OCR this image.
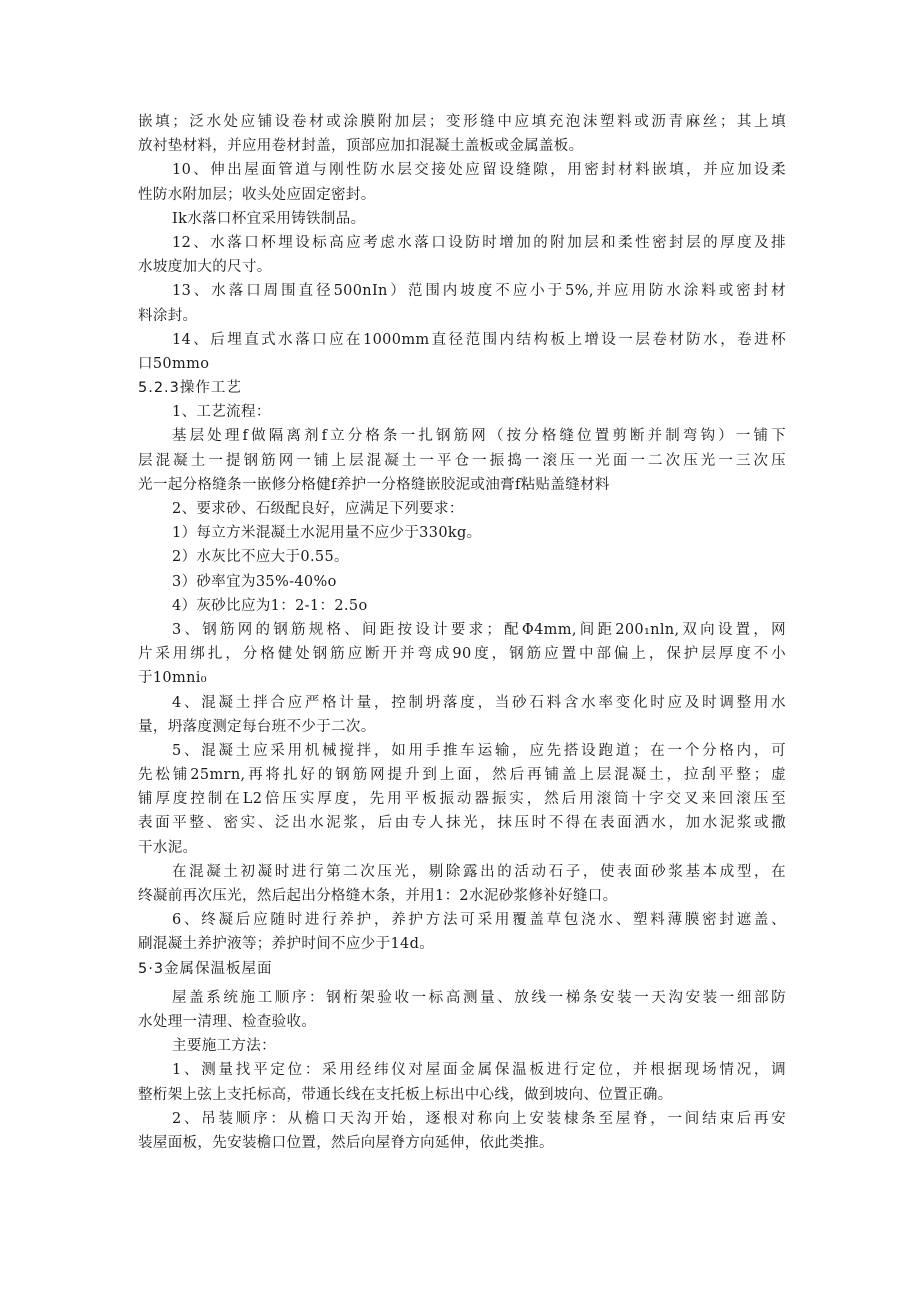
嵌填；泛水处应铺设卷材或涂膜附加层；变形缝中应填充泡沫塑料或沥青麻丝；其上填
放衬垫材料，并应用卷材封盖，顶部应加扣混凝土盖板或金属盖板。
10、伸出屋面管道与刚性防水层交接处应留设缝隙，用密封材料嵌填，并应加设柔
性防水附加层；收头处应固定密封。
Ik水落口杯宜采用铸铁制品。
12、水落口杯埋设标高应考虑水落口设防时增加的附加层和柔性密封层的厚度及排
水坡度加大的尺寸。
13、水落口周围直径500nIn）范围内坡度不应小于5%,并应用防水涂料或密封材
料涂封。
14、后埋直式水落口应在1000mm直径范围内结构板上增设一层卷材防水，卷进杯
口50mmo
5.2.3操作工艺
1、工艺流程：
基层处理f做隔离剂f立分格条一扎钢筋网（按分格缝位置剪断并制弯钩）一铺下
层混凝土一提钢筋网一铺上层混凝土一平仓一振捣一滚压一光面一二次压光一三次压
光一起分格缝条一嵌修分格健f养护一分格缝嵌胶泥或油膏f粘贴盖缝材料
2、要求砂、石级配良好，应满足下列要求：
1）每立方米混凝土水泥用量不应少于330kg。
2）水灰比不应大于0.55。
3）砂率宜为35%-40%o
4）灰砂比应为1：2-1：2.5o
3、钢筋网的钢筋规格、间距按设计要求；配Φ4mm,间距200₁nln,双向设置，网
片采用绑扎，分格健处钢筋应断开并弯成90度，钢筋应置中部偏上，保护层厚度不小
于10mni₀
4、混凝土拌合应严格计量，控制坍落度，当砂石料含水率变化时应及时调整用水
量，坍落度测定每台班不少于二次。
5、混凝土应采用机械搅拌，如用手推车运输，应先搭设跑道；在一个分格内，可
先松铺25mrn,再将扎好的钢筋网提升到上面，然后再铺盖上层混凝土，拉刮平整；虚
铺厚度控制在L2倍压实厚度，先用平板振动器振实，然后用滚筒十字交叉来回滚压至
表面平整、密实、泛出水泥浆，后由专人抹光，抹压时不得在表面洒水，加水泥浆或撒
干水泥。
在混凝土初凝时进行第二次压光，剔除露出的活动石子，使表面砂浆基本成型，在
终凝前再次压光，然后起出分格缝木条，并用1：2水泥砂浆修补好缝口。
6、终凝后应随时进行养护，养护方法可采用覆盖草包浇水、塑料薄膜密封遮盖、
刷混凝土养护液等；养护时间不应少于14d。
5·3金属保温板屋面
屋盖系统施工顺序：钢桁架验收一标高测量、放线一梯条安装一天沟安装一细部防
水处理一清理、检查验收。
主要施工方法：
1、测量找平定位：采用经纬仪对屋面金属保温板进行定位，并根据现场情况，调
整桁架上弦上支托标高，带通长线在支托板上标出中心线，做到坡向、位置正确。
2、吊装顺序：从檐口天沟开始，逐根对称向上安装棣条至屋脊，一间结束后再安
装屋面板，先安装檐口位置，然后向屋脊方向延伸，依此类推。
